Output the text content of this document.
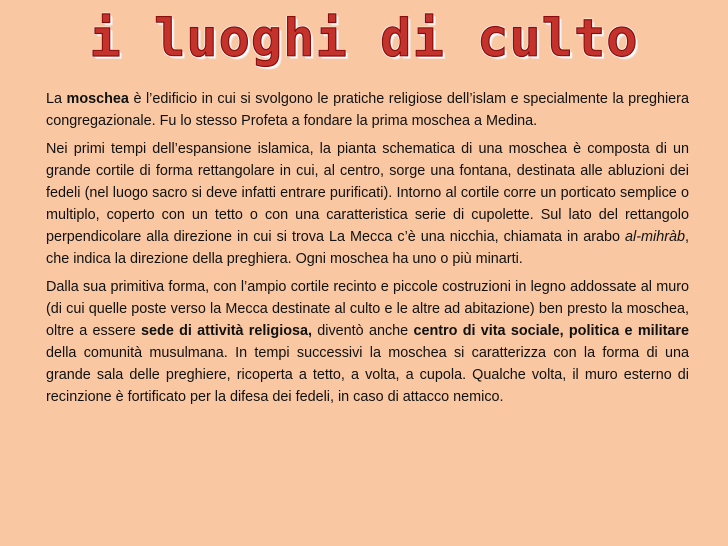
i luoghi di culto

La moschea è l’edificio in cui si svolgono le pratiche religiose dell’islam e specialmente la preghiera congregazionale. Fu lo stesso Profeta a fondare la prima moschea a Medina.

Nei primi tempi dell’espansione islamica, la pianta schematica di una moschea è composta di un grande cortile di forma rettangolare in cui, al centro, sorge una fontana, destinata alle abluzioni dei fedeli (nel luogo sacro si deve infatti entrare purificati). Intorno al cortile corre un porticato semplice o multiplo, coperto con un tetto o con una caratteristica serie di cupolette. Sul lato del rettangolo perpendicolare alla direzione in cui si trova La Mecca c’è una nicchia, chiamata in arabo al-mihràb, che indica la direzione della preghiera. Ogni moschea ha uno o più minarti.

Dalla sua primitiva forma, con l’ampio cortile recinto e piccole costruzioni in legno addossate al muro (di cui quelle poste verso la Mecca destinate al culto e le altre ad abitazione) ben presto la moschea, oltre a essere sede di attività religiosa, diventò anche centro di vita sociale, politica e militare della comunità musulmana. In tempi successivi la moschea si caratterizza con la forma di una grande sala delle preghiere, ricoperta a tetto, a volta, a cupola. Qualche volta, il muro esterno di recinzione è fortificato per la difesa dei fedeli, in caso di attacco nemico.
